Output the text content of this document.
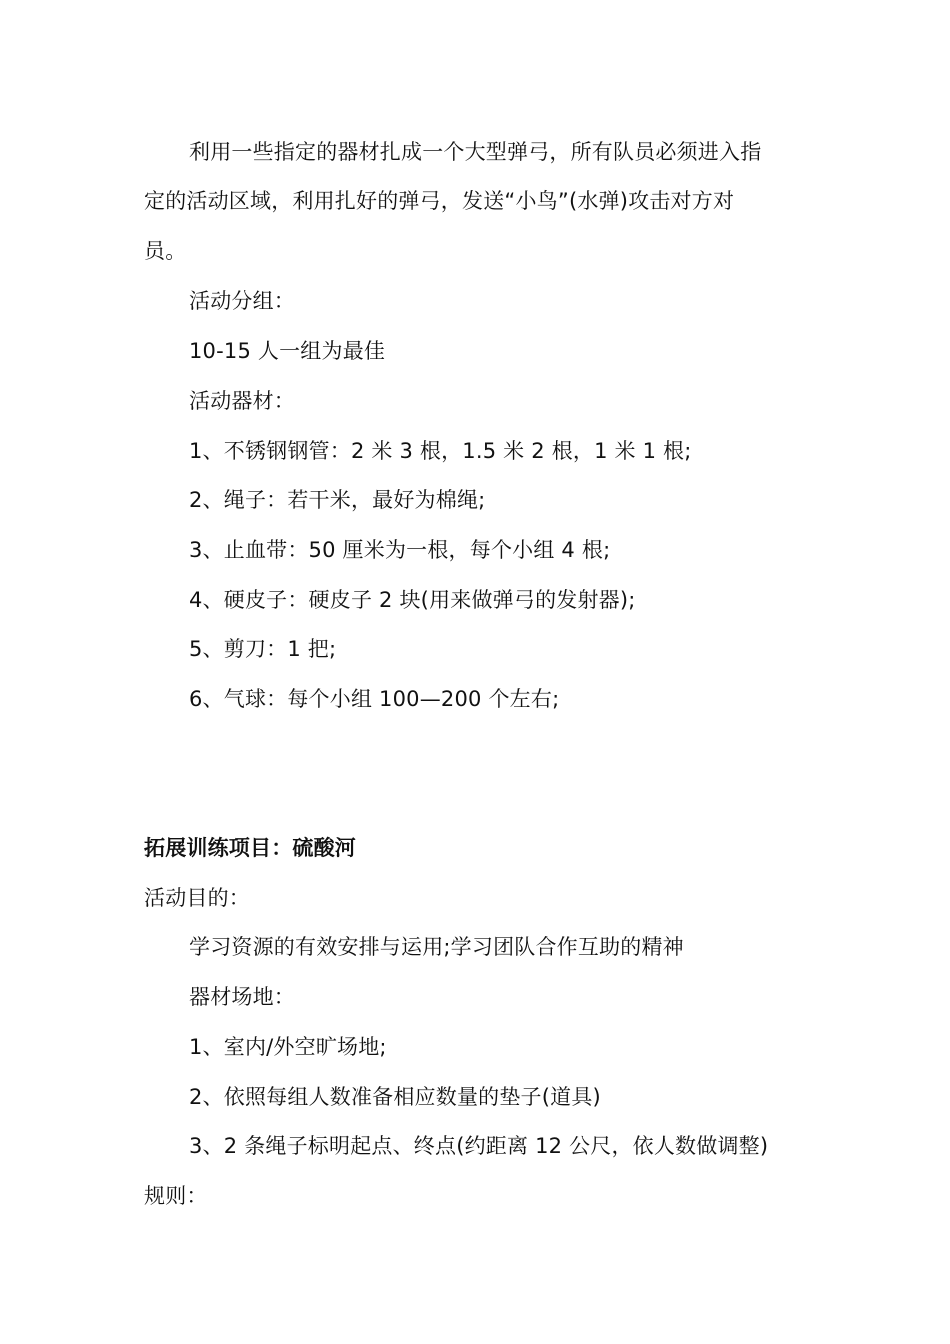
利用一些指定的器材扎成一个大型弹弓，所有队员必须进入指
定的活动区域，利用扎好的弹弓，发送“小鸟”(水弹)攻击对方对
员。
活动分组：
10-15 人一组为最佳
活动器材：
1、不锈钢钢管：2 米 3 根，1.5 米 2 根，1 米 1 根;
2、绳子：若干米，最好为棉绳;
3、止血带：50 厘米为一根，每个小组 4 根;
4、硬皮子：硬皮子 2 块(用来做弹弓的发射器);
5、剪刀：1 把;
6、气球：每个小组 100—200 个左右;
拓展训练项目：硫酸河
活动目的：
学习资源的有效安排与运用;学习团队合作互助的精神
器材场地：
1、室内/外空旷场地;
2、依照每组人数准备相应数量的垫子(道具)
3、2 条绳子标明起点、终点(约距离 12 公尺，依人数做调整)
规则：
